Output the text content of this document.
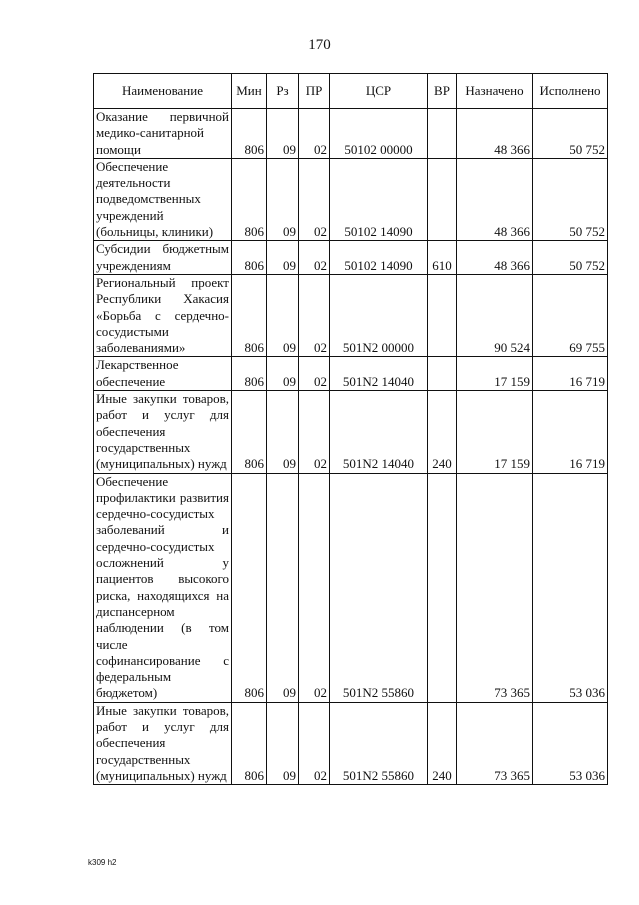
170
Наименование	Мин	Рз	ПР	ЦСР	ВР	Назначено	Исполнено
Оказание первичной медико-санитарной помощи	806	09	02	50102 00000		48 366	50 752
Обеспечение деятельности подведомственных учреждений (больницы, клиники)	806	09	02	50102 14090		48 366	50 752
Субсидии бюджетным учреждениям	806	09	02	50102 14090	610	48 366	50 752
Региональный проект Республики Хакасия «Борьба с сердечно-сосудистыми заболеваниями»	806	09	02	501N2 00000		90 524	69 755
Лекарственное обеспечение	806	09	02	501N2 14040		17 159	16 719
Иные закупки товаров, работ и услуг для обеспечения государственных (муниципальных) нужд	806	09	02	501N2 14040	240	17 159	16 719
Обеспечение профилактики развития сердечно-сосудистых заболеваний и сердечно-сосудистых осложнений у пациентов высокого риска, находящихся на диспансерном наблюдении (в том числе софинансирование с федеральным бюджетом)	806	09	02	501N2 55860		73 365	53 036
Иные закупки товаров, работ и услуг для обеспечения государственных (муниципальных) нужд	806	09	02	501N2 55860	240	73 365	53 036
k309 h2
